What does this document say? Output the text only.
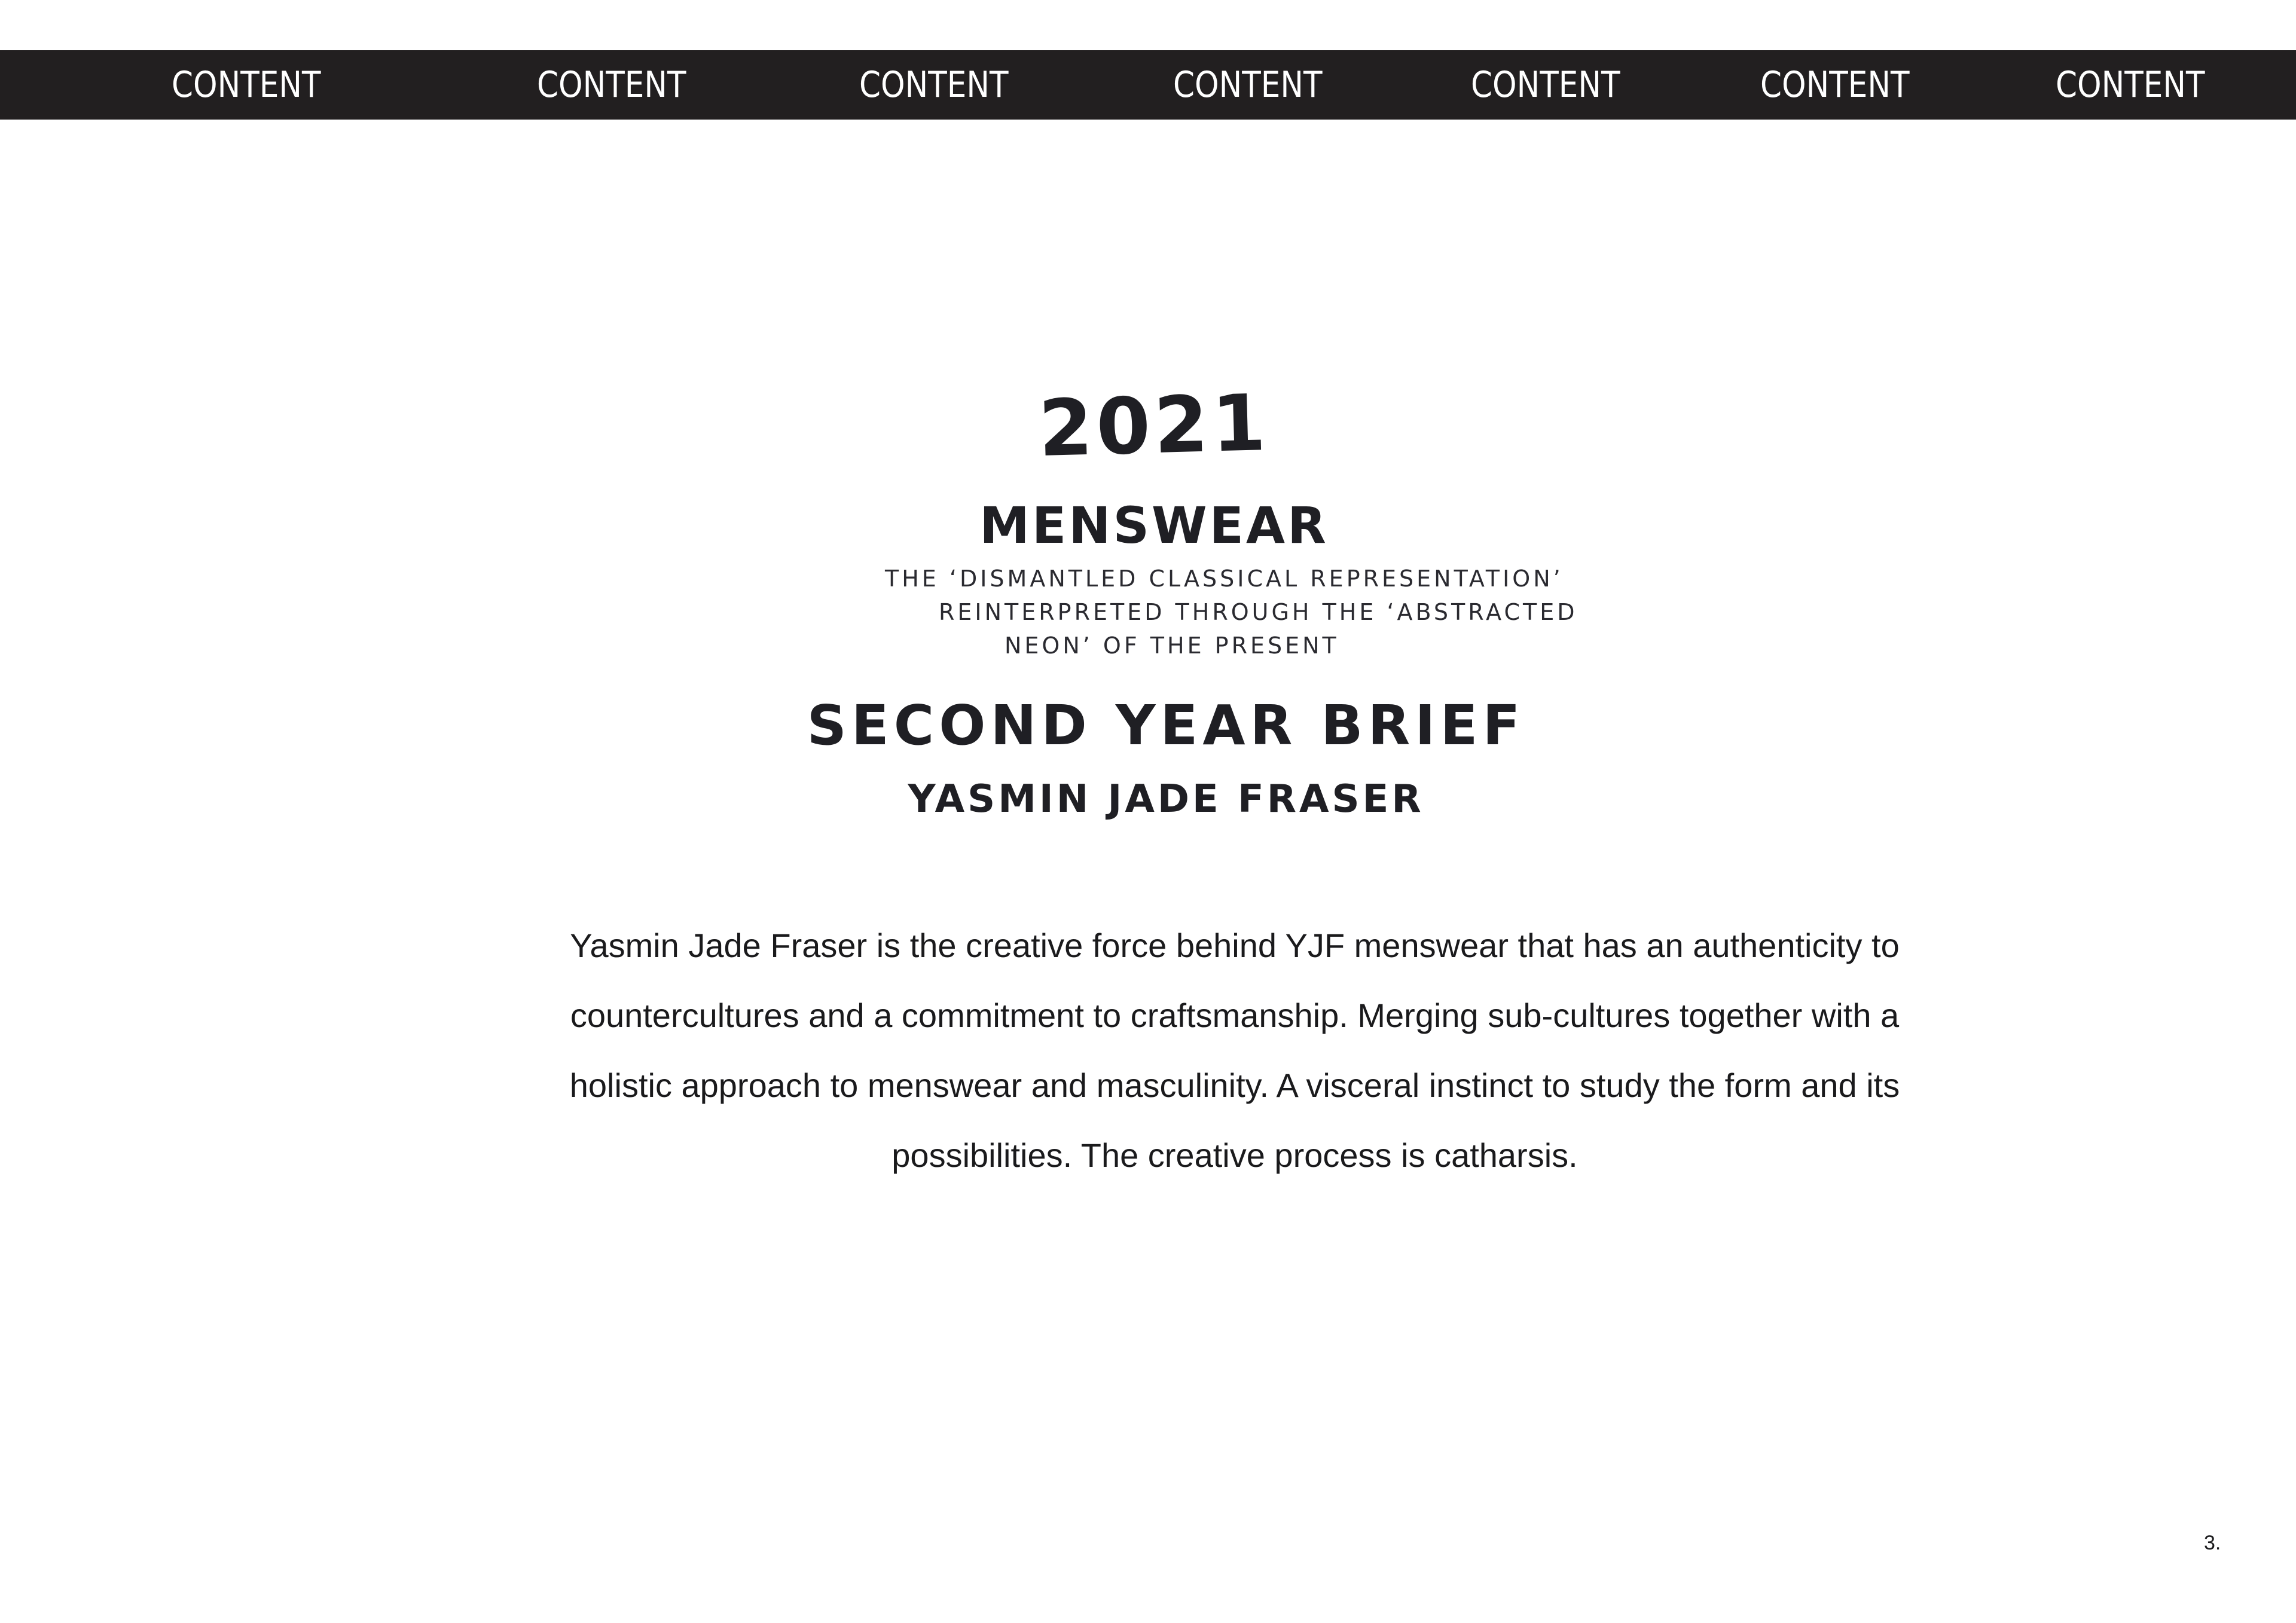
CONTENT	CONTENT	CONTENT	CONTENT	CONTENT	CONTENT	CONTENT
2021
MENSWEAR
THE ‘DISMANTLED CLASSICAL REPRESENTATION’
REINTERPRETED THROUGH THE ‘ABSTRACTED
NEON’ OF THE PRESENT
SECOND YEAR BRIEF
YASMIN JADE FRASER
Yasmin Jade Fraser is the creative force behind YJF menswear that has an authenticity to countercultures and a commitment to craftsmanship. Merging sub-cultures together with a holistic approach to menswear and masculinity. A visceral instinct to study the form and its possibilities. The creative process is catharsis.
3.
